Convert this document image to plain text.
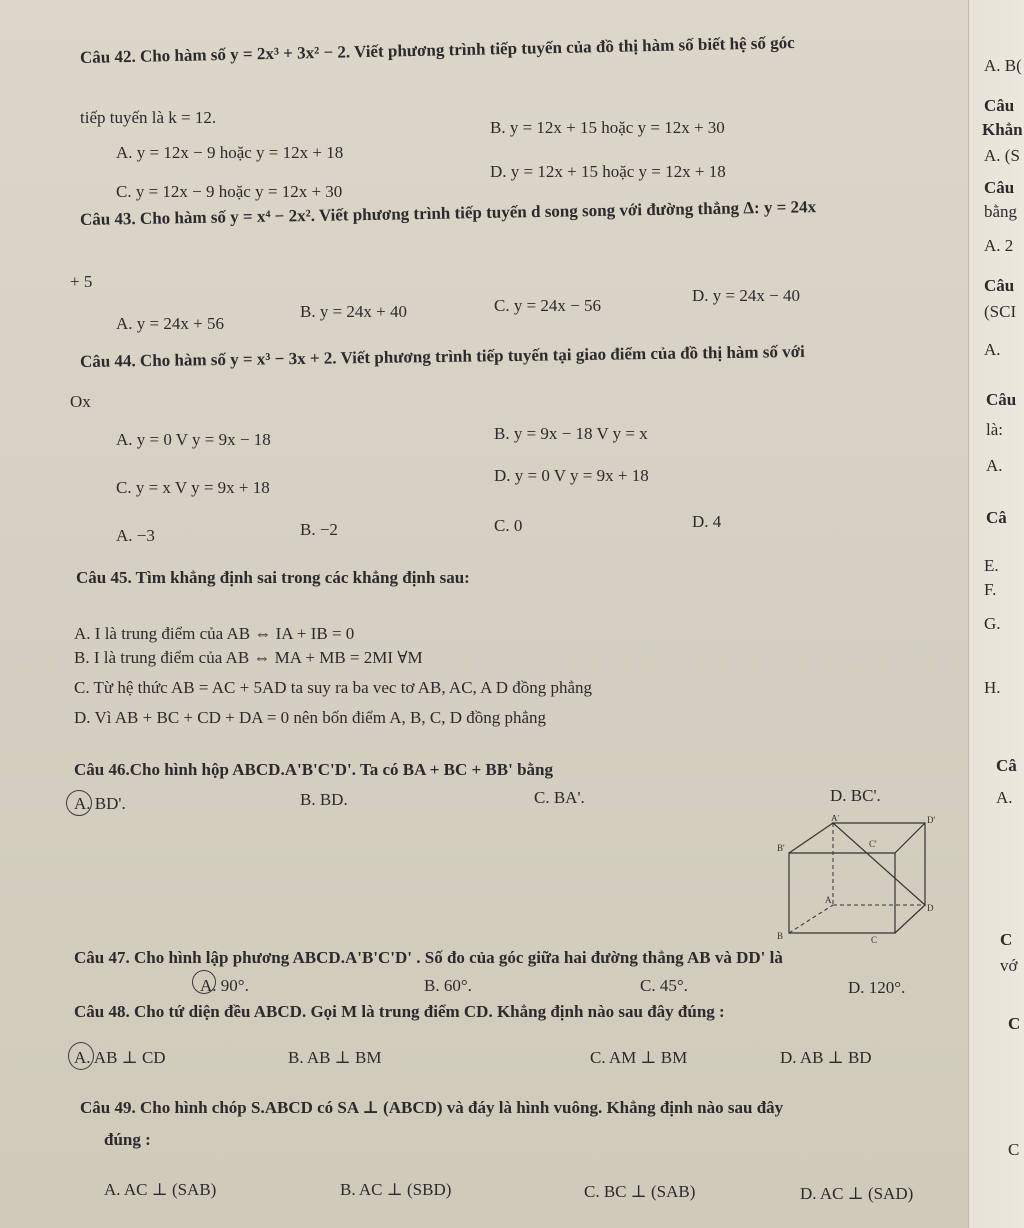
Câu 42. Cho hàm số y = 2x³ + 3x² − 2. Viết phương trình tiếp tuyến của đồ thị hàm số biết hệ số góc
tiếp tuyến là k = 12.
A. y = 12x − 9 hoặc y = 12x + 18
B. y = 12x + 15 hoặc y = 12x + 30
C. y = 12x − 9 hoặc y = 12x + 30
D. y = 12x + 15 hoặc y = 12x + 18
Câu 43. Cho hàm số y = x⁴ − 2x². Viết phương trình tiếp tuyến d song song với đường thẳng Δ: y = 24x
+ 5
A. y = 24x + 56
B. y = 24x + 40	C. y = 24x − 56
D. y = 24x − 40
Câu 44. Cho hàm số y = x³ − 3x + 2. Viết phương trình tiếp tuyến tại giao điểm của đồ thị hàm số với
Ox
A. y = 0 V y = 9x − 18	B. y = 9x − 18 V y = x
C. y = x V y = 9x + 18
D. y = 0 V y = 9x + 18
A. −3	B. −2	C. 0	D. 4
Câu 45. Tìm khẳng định sai trong các khẳng định sau:
A. I là trung điểm của AB ⇔ IA + IB = 0
B. I là trung điểm của AB ⇔ MA + MB = 2MI ∀M
C. Từ hệ thức AB = AC + 5AD ta suy ra ba vec tơ AB, AC, A D đồng phẳng
D. Vì AB + BC + CD + DA = 0 nên bốn điểm A, B, C, D đồng phẳng
Câu 46.Cho hình hộp ABCD.A'B'C'D'. Ta có BA + BC + BB' bằng
A. BD'.	B. BD.	C. BA'.	D. BC'.
A'	D'
B'	C'
A
D
B	C
Câu 47. Cho hình lập phương ABCD.A'B'C'D' . Số đo của góc giữa hai đường thẳng AB và DD' là
A. 90°.	B. 60°.	C. 45°.	D. 120°.
Câu 48. Cho tứ diện đều ABCD. Gọi M là trung điểm CD. Khẳng định nào sau đây đúng :
A. AB ⊥ CD	B. AB ⊥ BM	C. AM ⊥ BM	D. AB ⊥ BD
Câu 49. Cho hình chóp S.ABCD có SA ⊥ (ABCD) và đáy là hình vuông. Khẳng định nào sau đây
đúng :
A. AC ⊥ (SAB)	B. AC ⊥ (SBD)	C. BC ⊥ (SAB)	D. AC ⊥ (SAD)
A. B(
Câu
Khẳn
A. (S
Câu
bằng
A. 2
Câu
(SCI
A.
Câu
là:
A.
Câ
E.
F.
G.
H.
Câ
A.
C
vớ
C
C
